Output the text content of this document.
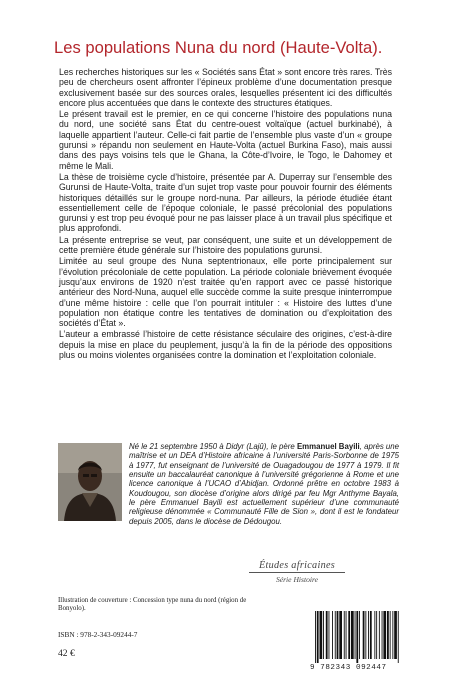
Les populations Nuna du nord (Haute-Volta).

Les recherches historiques sur les « Sociétés sans État » sont encore très rares. Très peu de chercheurs osent affronter l’épineux problème d’une documentation presque exclusivement basée sur des sources orales, lesquelles présentent ici des difficultés encore plus accentuées que dans le contexte des structures étatiques.

Le présent travail est le premier, en ce qui concerne l’histoire des populations nuna du nord, une société sans État du centre-ouest voltaïque (actuel burkinabé), à laquelle appartient l’auteur. Celle-ci fait partie de l’ensemble plus vaste d’un « groupe gurunsi » répandu non seulement en Haute-Volta (actuel Burkina Faso), mais aussi dans des pays voisins tels que le Ghana, la Côte-d’Ivoire, le Togo, le Dahomey et même le Mali.

La thèse de troisième cycle d’histoire, présentée par A. Duperray sur l’ensemble des Gurunsi de Haute-Volta, traite d’un sujet trop vaste pour pouvoir fournir des éléments historiques détaillés sur le groupe nord-nuna. Par ailleurs, la période étudiée étant essentiellement celle de l’époque coloniale, le passé précolonial des populations gurunsi y est trop peu évoqué pour ne pas laisser place à un travail plus spécifique et plus approfondi.

La présente entreprise se veut, par conséquent, une suite et un développement de cette première étude générale sur l’histoire des populations gurunsi.

Limitée au seul groupe des Nuna septentrionaux, elle porte principalement sur l’évolution précoloniale de cette population. La période coloniale brièvement évoquée jusqu’aux environs de 1920 n’est traitée qu’en rapport avec ce passé historique antérieur des Nord-Nuna, auquel elle succède comme la suite presque ininterrompue d’une même histoire : celle que l’on pourrait intituler : « Histoire des luttes d’une population non étatique contre les tentatives de domination ou d’exploitation des sociétés d’État ».

L’auteur a embrassé l’histoire de cette résistance séculaire des origines, c’est-à-dire depuis la mise en place du peuplement, jusqu’à la fin de la période des oppositions plus ou moins violentes organisées contre la domination et l’exploitation coloniale.

Né le 21 septembre 1950 à Didyr (Lajû), le père Emmanuel Bayili, après une maîtrise et un DEA d’Histoire africaine à l’université Paris-Sorbonne de 1975 à 1977, fut enseignant de l’université de Ouagadougou de 1977 à 1979. Il fit ensuite un baccalauréat canonique à l’université grégorienne à Rome et une licence canonique à l’UCAO d’Abidjan. Ordonné prêtre en octobre 1983 à Koudougou, son diocèse d’origine alors dirigé par feu Mgr Anthyme Bayala, le père Emmanuel Bayili est actuellement supérieur d’une communauté religieuse dénommée « Communauté Fille de Sion », dont il est le fondateur depuis 2005, dans le diocèse de Dédougou.

Études africaines
Série Histoire
Illustration de couverture : Concession type nuna du nord (région de Bonyolo).
ISBN : 978-2-343-09244-7
42 €
9 782343 092447
